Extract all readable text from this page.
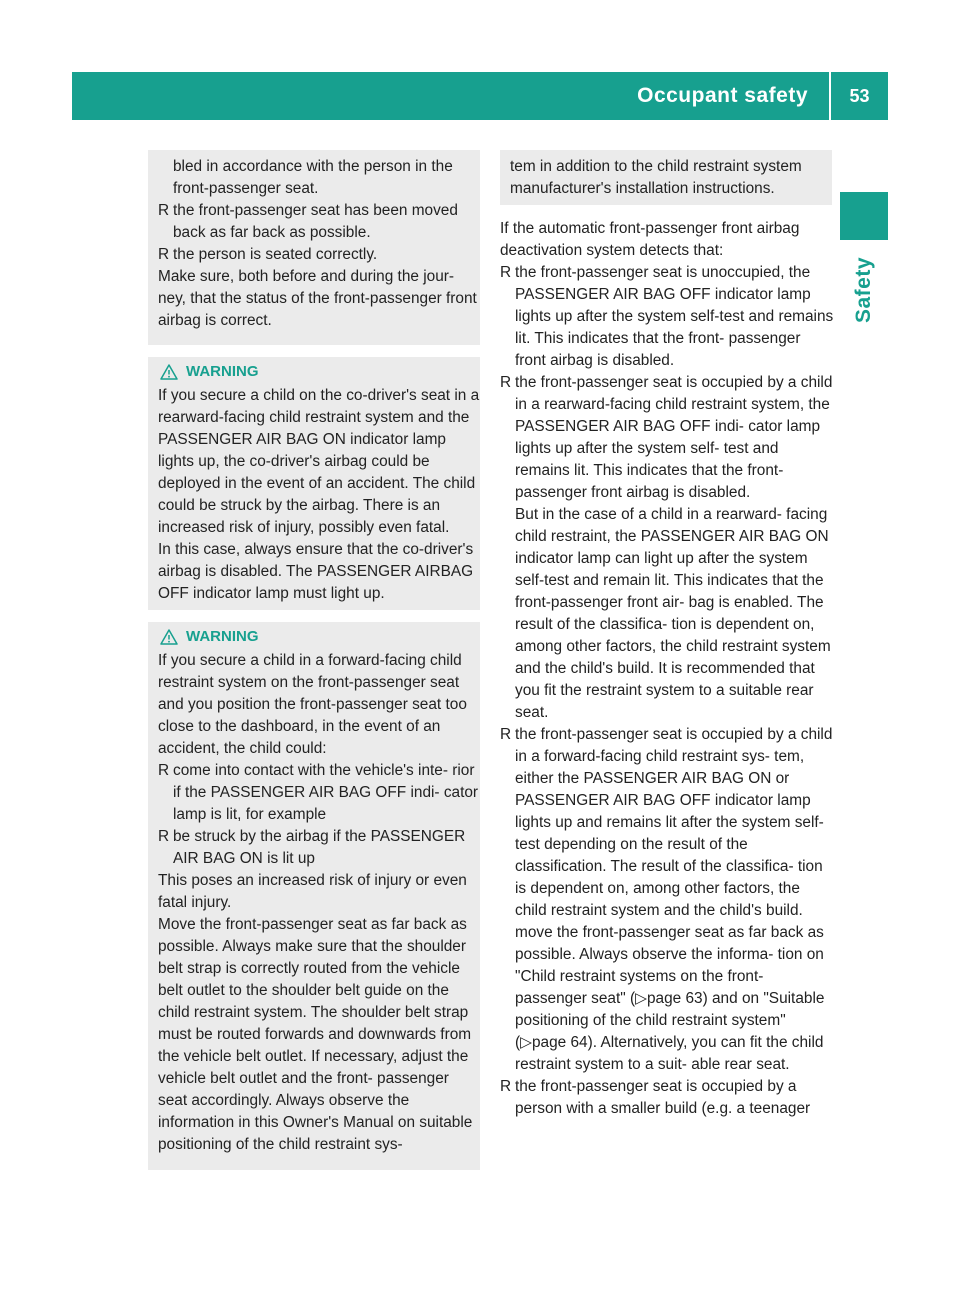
Occupant safety	53
Safety

bled in accordance with the person in the front-passenger seat.

R the front-passenger seat has been moved back as far back as possible.

R the person is seated correctly.

Make sure, both before and during the jour- ney, that the status of the front-passenger front airbag is correct.

WARNING

If you secure a child on the co-driver's seat in a rearward-facing child restraint system and the PASSENGER AIR BAG ON indicator lamp lights up, the co-driver's airbag could be deployed in the event of an accident. The child could be struck by the airbag. There is an increased risk of injury, possibly even fatal.

In this case, always ensure that the co-driver's airbag is disabled. The PASSENGER AIRBAG OFF indicator lamp must light up.

WARNING

If you secure a child in a forward-facing child restraint system on the front-passenger seat and you position the front-passenger seat too close to the dashboard, in the event of an accident, the child could:

R come into contact with the vehicle's inte- rior if the PASSENGER AIR BAG OFF indi- cator lamp is lit, for example

R be struck by the airbag if the PASSENGER AIR BAG ON is lit up

This poses an increased risk of injury or even fatal injury.

Move the front-passenger seat as far back as possible. Always make sure that the shoulder belt strap is correctly routed from the vehicle belt outlet to the shoulder belt guide on the child restraint system. The shoulder belt strap must be routed forwards and downwards from the vehicle belt outlet. If necessary, adjust the vehicle belt outlet and the front- passenger seat accordingly. Always observe the information in this Owner's Manual on suitable positioning of the child restraint sys-

tem in addition to the child restraint system manufacturer's installation instructions.

If the automatic front-passenger front airbag deactivation system detects that:

R the front-passenger seat is unoccupied, the PASSENGER AIR BAG OFF indicator lamp lights up after the system self-test and remains lit. This indicates that the front- passenger front airbag is disabled.

R the front-passenger seat is occupied by a child in a rearward-facing child restraint system, the PASSENGER AIR BAG OFF indi- cator lamp lights up after the system self- test and remains lit. This indicates that the front-passenger front airbag is disabled.

But in the case of a child in a rearward- facing child restraint, the PASSENGER AIR BAG ON indicator lamp can light up after the system self-test and remain lit. This indicates that the front-passenger front air- bag is enabled. The result of the classifica- tion is dependent on, among other factors, the child restraint system and the child's build. It is recommended that you fit the restraint system to a suitable rear seat.

R the front-passenger seat is occupied by a child in a forward-facing child restraint sys- tem, either the PASSENGER AIR BAG ON or PASSENGER AIR BAG OFF indicator lamp lights up and remains lit after the system self-test depending on the result of the classification. The result of the classifica- tion is dependent on, among other factors, the child restraint system and the child's build.

move the front-passenger seat as far back as possible. Always observe the informa- tion on "Child restraint systems on the front-passenger seat" (▷page 63) and on "Suitable positioning of the child restraint system" (▷page 64). Alternatively, you can fit the child restraint system to a suit- able rear seat.

R the front-passenger seat is occupied by a person with a smaller build (e.g. a teenager
